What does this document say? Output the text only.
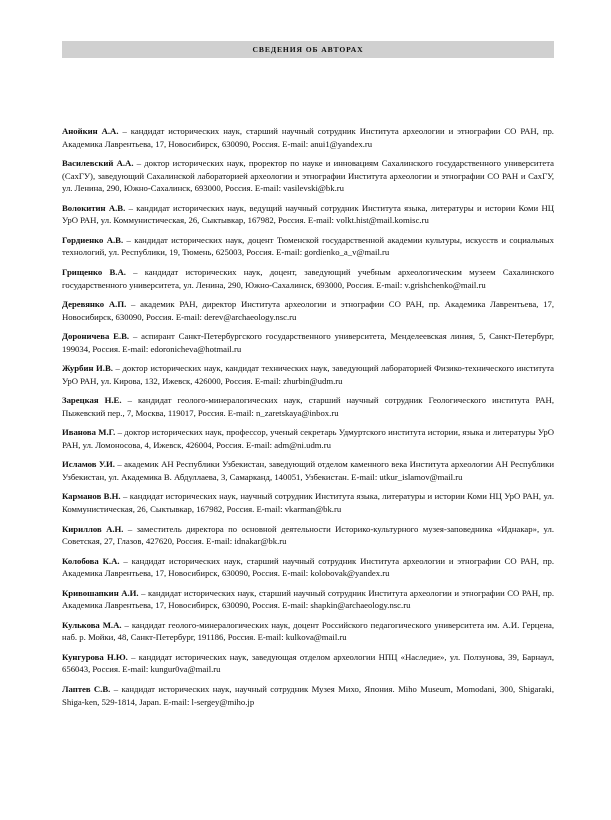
СВЕДЕНИЯ ОБ АВТОРАХ

Анойкин А.А. – кандидат исторических наук, старший научный сотрудник Института археологии и этнографии СО РАН, пр. Академика Лаврентьева, 17, Новосибирск, 630090, Россия. E-mail: anui1@yandex.ru

Василевский А.А. – доктор исторических наук, проректор по науке и инновациям Сахалинского государственного университета (СахГУ), заведующий Сахалинской лабораторией археологии и этнографии Института археологии и этнографии СО РАН и СахГУ, ул. Ленина, 290, Южно-Сахалинск, 693000, Россия. E-mail: vasilevski@bk.ru

Волокитин А.В. – кандидат исторических наук, ведущий научный сотрудник Института языка, литературы и истории Коми НЦ УрО РАН, ул. Коммунистическая, 26, Сыктывкар, 167982, Россия. E-mail: volkt.hist@mail.komisc.ru

Гордиенко А.В. – кандидат исторических наук, доцент Тюменской государственной академии культуры, искусств и социальных технологий, ул. Республики, 19, Тюмень, 625003, Россия. E-mail: gordienko_a_v@mail.ru

Грищенко В.А. – кандидат исторических наук, доцент, заведующий учебным археологическим музеем Сахалинского государственного университета, ул. Ленина, 290, Южно-Сахалинск, 693000, Россия. E-mail: v.grishchenko@mail.ru

Деревянко А.П. – академик РАН, директор Института археологии и этнографии СО РАН, пр. Академика Лаврентьева, 17, Новосибирск, 630090, Россия. E-mail: derev@archaeology.nsc.ru

Дороничева Е.В. – аспирант Санкт-Петербургского государственного университета, Менделеевская линия, 5, Санкт-Петербург, 199034, Россия. E-mail: edoronicheva@hotmail.ru

Журбин И.В. – доктор исторических наук, кандидат технических наук, заведующий лабораторией Физико-технического института УрО РАН, ул. Кирова, 132, Ижевск, 426000, Россия. E-mail: zhurbin@udm.ru

Зарецкая Н.Е. – кандидат геолого-минералогических наук, старший научный сотрудник Геологического института РАН, Пыжевский пер., 7, Москва, 119017, Россия. E-mail: n_zaretskaya@inbox.ru

Иванова М.Г. – доктор исторических наук, профессор, ученый секретарь Удмуртского института истории, языка и литературы УрО РАН, ул. Ломоносова, 4, Ижевск, 426004, Россия. E-mail: adm@ni.udm.ru

Исламов У.И. – академик АН Республики Узбекистан, заведующий отделом каменного века Института археологии АН Республики Узбекистан, ул. Академика В. Абдуллаева, 3, Самарканд, 140051, Узбекистан. E-mail: utkur_islamov@mail.ru

Карманов В.Н. – кандидат исторических наук, научный сотрудник Института языка, литературы и истории Коми НЦ УрО РАН, ул. Коммунистическая, 26, Сыктывкар, 167982, Россия. E-mail: vkarman@bk.ru

Кириллов А.Н. – заместитель директора по основной деятельности Историко-культурного музея-заповедника «Иднакар», ул. Советская, 27, Глазов, 427620, Россия. E-mail: idnakar@bk.ru

Колобова К.А. – кандидат исторических наук, старший научный сотрудник Института археологии и этнографии СО РАН, пр. Академика Лаврентьева, 17, Новосибирск, 630090, Россия. E-mail: kolobovak@yandex.ru

Кривошапкин А.И. – кандидат исторических наук, старший научный сотрудник Института археологии и этнографии СО РАН, пр. Академика Лаврентьева, 17, Новосибирск, 630090, Россия. E-mail: shapkin@archaeology.nsc.ru

Кулькова М.А. – кандидат геолого-минералогических наук, доцент Российского педагогического университета им. А.И. Герцена, наб. р. Мойки, 48, Санкт-Петербург, 191186, Россия. E-mail: kulkova@mail.ru

Кунгурова Н.Ю. – кандидат исторических наук, заведующая отделом археологии НПЦ «Наследие», ул. Ползунова, 39, Барнаул, 656043, Россия. E-mail: kungur0va@mail.ru

Лаптев С.В. – кандидат исторических наук, научный сотрудник Музея Михо, Япония. Miho Museum, Momodani, 300, Shigaraki, Shiga-ken, 529-1814, Japan. E-mail: l-sergey@miho.jp
